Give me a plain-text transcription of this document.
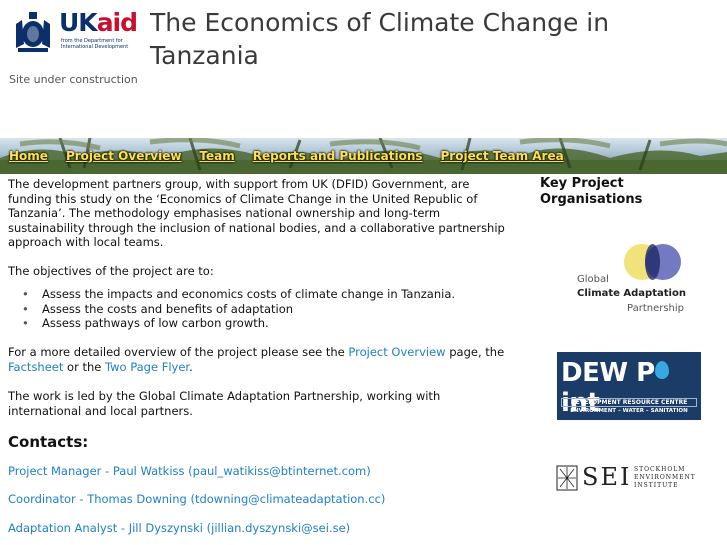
UKaid
from the Department for International Development
Site under construction
The Economics of Climate Change in Tanzania
Home Project Overview Team Reports and Publications Project Team Area

The development partners group, with support from UK (DFID) Government, are funding this study on the ‘Economics of Climate Change in the United Republic of Tanzania’. The methodology emphasises national ownership and long-term sustainability through the inclusion of national bodies, and a collaborative partnership approach with local teams.

The objectives of the project are to:

• Assess the impacts and economics costs of climate change in Tanzania.
• Assess the costs and benefits of adaptation
• Assess pathways of low carbon growth.

For a more detailed overview of the project please see the Project Overview page, the Factsheet or the Two Page Flyer.

The work is led by the Global Climate Adaptation Partnership, working with international and local partners.

Contacts:
Project Manager - Paul Watkiss (paul_watikiss@btinternet.com)
Coordinator - Thomas Downing (tdowning@climateadaptation.cc)
Adaptation Analyst - Jill Dyszynski (jillian.dyszynski@sei.se)
Key Project Organisations
Global
Climate Adaptation
Partnership
DEW Pint
DEVELOPMENT RESOURCE CENTRE
ENVIRONMENT – WATER – SANITATION
SEI STOCKHOLM
ENVIRONMENT
INSTITUTE
